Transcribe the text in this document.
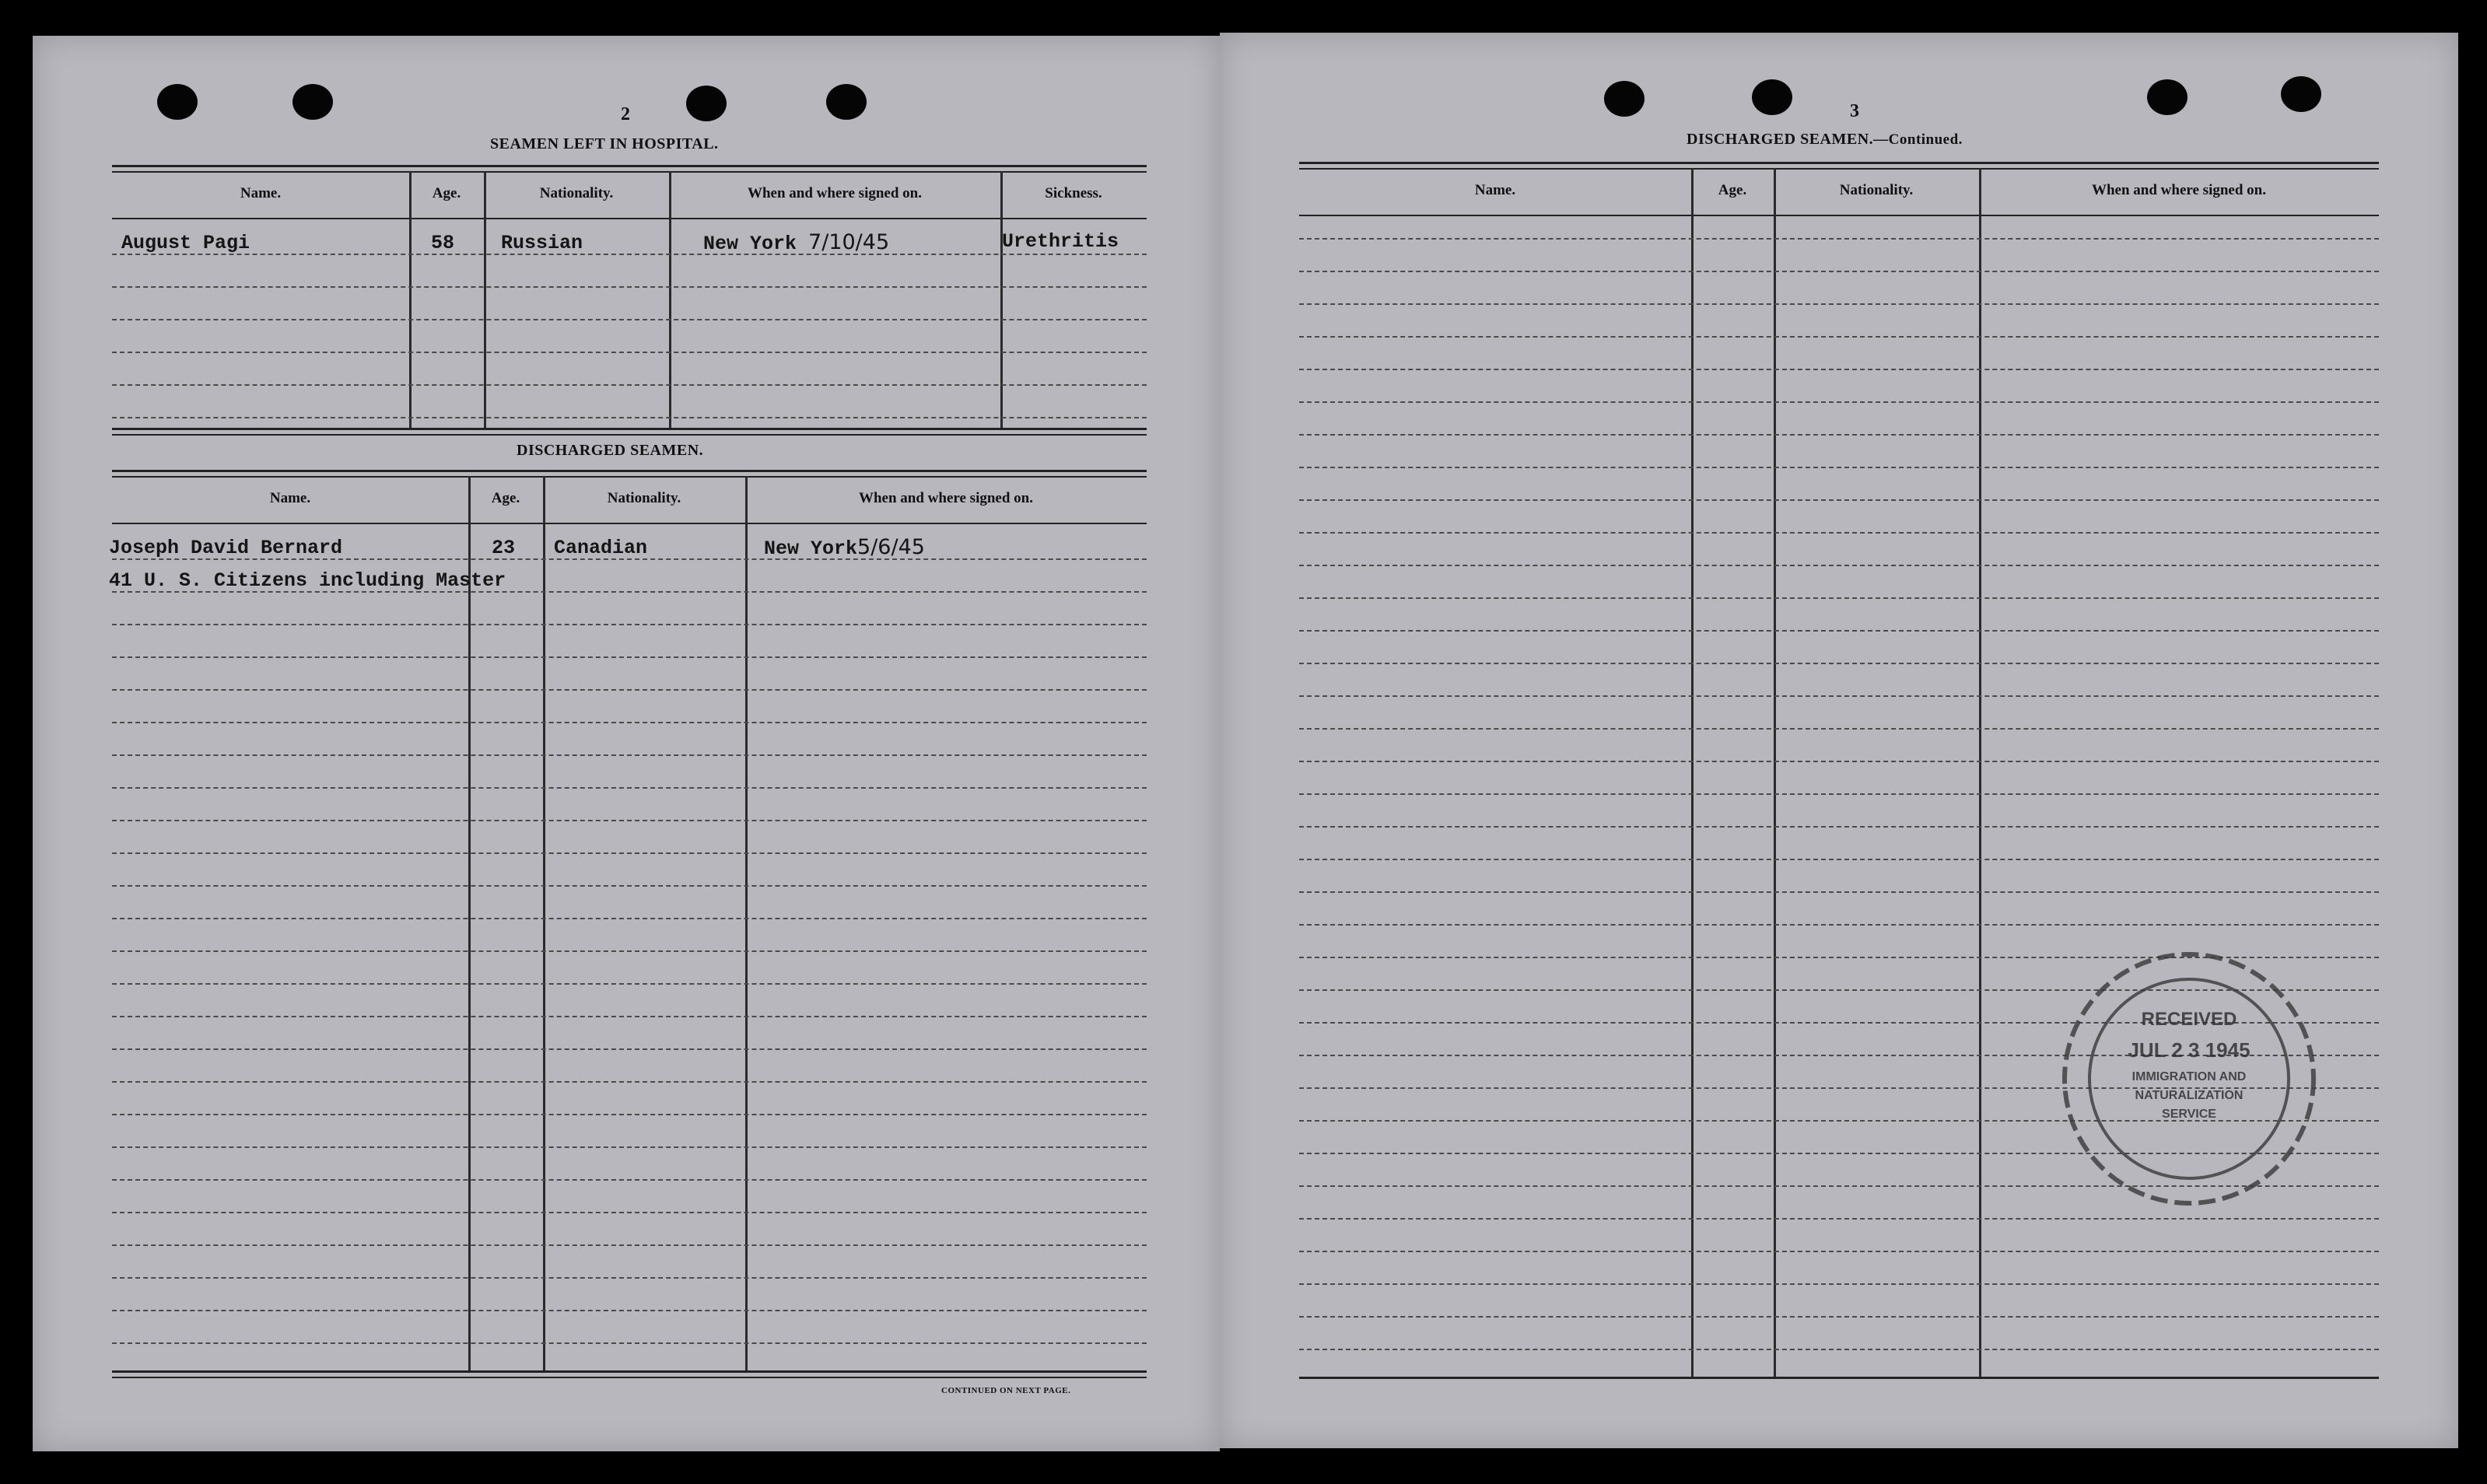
2
SEAMEN LEFT IN HOSPITAL.
Name.	Age.	Nationality.	When and where signed on.	Sickness.
August Pagi	58 Russian	New York 7/10/45	Urethritis
DISCHARGED SEAMEN.
Name.	Age.	Nationality.	When and where signed on.
Joseph David Bernard	23 Canadian	New York5/6/45
41 U. S. Citizens including Master
CONTINUED ON NEXT PAGE.
3
DISCHARGED SEAMEN.—Continued.
Name.	Age.	Nationality.	When and where signed on.
RECEIVED
JUL 2 3 1945
IMMIGRATION AND
NATURALIZATION
SERVICE
